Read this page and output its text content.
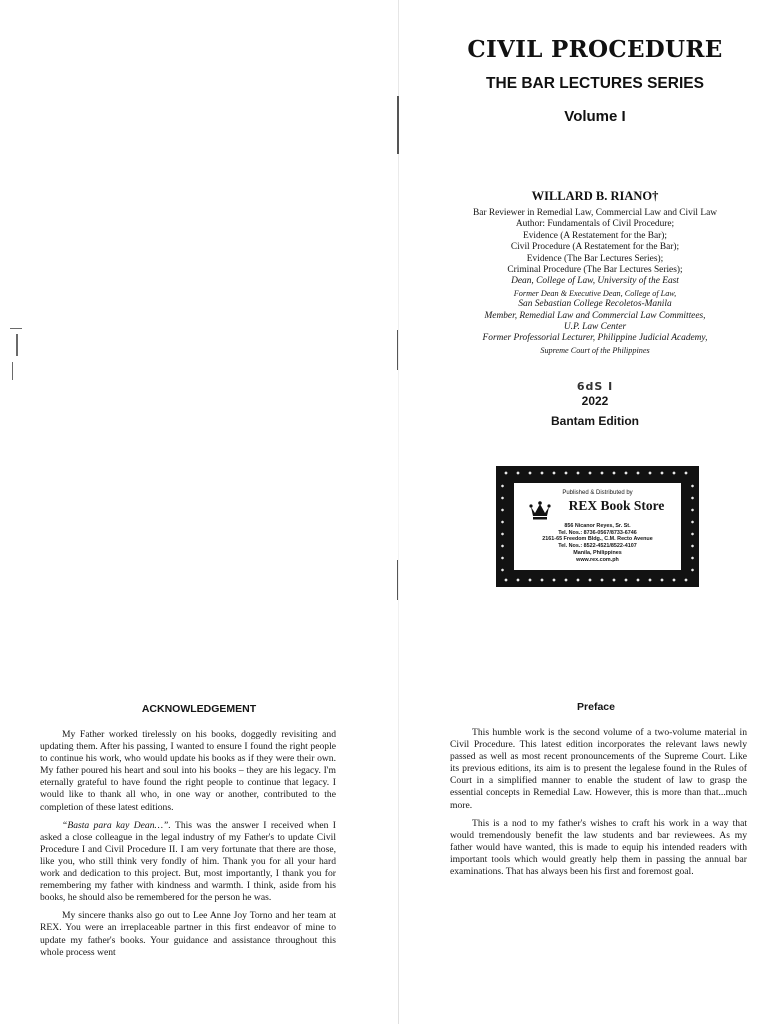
CIVIL PROCEDURE
THE BAR LECTURES SERIES
Volume I
WILLARD B. RIANO†
Bar Reviewer in Remedial Law, Commercial Law and Civil Law
Author: Fundamentals of Civil Procedure;
Evidence (A Restatement for the Bar);
Civil Procedure (A Restatement for the Bar);
Evidence (The Bar Lectures Series);
Criminal Procedure (The Bar Lectures Series);
Dean, College of Law, University of the East
Former Dean & Executive Dean, College of Law,
San Sebastian College Recoletos-Manila
Member, Remedial Law and Commercial Law Committees,
U.P. Law Center
Former Professorial Lecturer, Philippine Judicial Academy,
Supreme Court of the Philippines
6dS I
2022
Bantam Edition
Published & Distributed by
REX Book Store
856 Nicanor Reyes, Sr. St.
Tel. Nos.: 8736-0567/8733-6746
2161-65 Freedom Bldg., C.M. Recto Avenue
Tel. Nos.: 8522-4521/8522-4107
Manila, Philippines
www.rex.com.ph
ACKNOWLEDGEMENT

My Father worked tirelessly on his books, doggedly revisiting and updating them. After his passing, I wanted to ensure I found the right people to continue his work, who would update his books as if they were their own. My father poured his heart and soul into his books – they are his legacy. I'm eternally grateful to have found the right people to continue that legacy. I would like to thank all who, in one way or another, contributed to the completion of these latest editions.

“Basta para kay Dean…”. This was the answer I received when I asked a close colleague in the legal industry of my Father's to update Civil Procedure I and Civil Procedure II. I am very fortunate that there are those, like you, who still think very fondly of him. Thank you for all your hard work and dedication to this project. But, most importantly, I thank you for remembering my father with kindness and warmth. I think, aside from his books, he should also be remembered for the person he was.

My sincere thanks also go out to Lee Anne Joy Torno and her team at REX. You were an irreplaceable partner in this first endeavor of mine to update my father's books. Your guidance and assistance throughout this whole process went

Preface

This humble work is the second volume of a two-volume material in Civil Procedure. This latest edition incorporates the relevant laws newly passed as well as most recent pronouncements of the Supreme Court. Like its previous editions, its aim is to present the legalese found in the Rules of Court in a simplified manner to enable the student of law to grasp the essential concepts in Remedial Law. However, this is more than that...much more.

This is a nod to my father's wishes to craft his work in a way that would tremendously benefit the law students and bar reviewees. As my father would have wanted, this is made to equip his intended readers with important tools which would greatly help them in passing the annual bar examinations. That has always been his first and foremost goal.
